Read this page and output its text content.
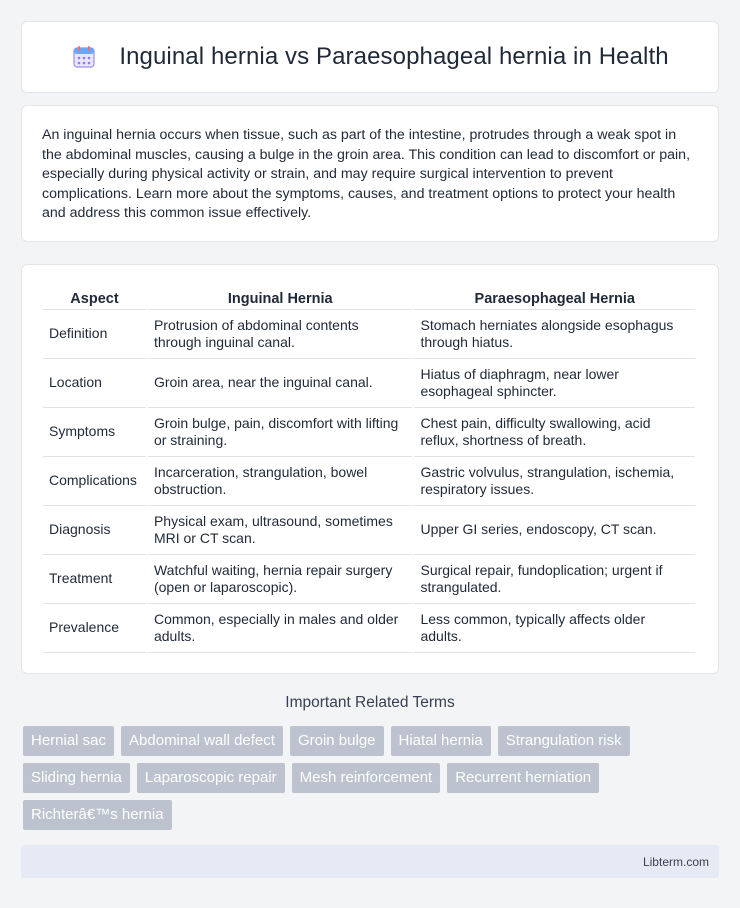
Inguinal hernia vs Paraesophageal hernia in Health

An inguinal hernia occurs when tissue, such as part of the intestine, protrudes through a weak spot in the abdominal muscles, causing a bulge in the groin area. This condition can lead to discomfort or pain, especially during physical activity or strain, and may require surgical intervention to prevent complications. Learn more about the symptoms, causes, and treatment options to protect your health and address this common issue effectively.

Aspect	Inguinal Hernia	Paraesophageal Hernia
Definition	Protrusion of abdominal contents through inguinal canal.	Stomach herniates alongside esophagus through hiatus.
Location	Groin area, near the inguinal canal.	Hiatus of diaphragm, near lower esophageal sphincter.
Symptoms	Groin bulge, pain, discomfort with lifting or straining.	Chest pain, difficulty swallowing, acid reflux, shortness of breath.
Complications	Incarceration, strangulation, bowel obstruction.	Gastric volvulus, strangulation, ischemia, respiratory issues.
Diagnosis	Physical exam, ultrasound, sometimes MRI or CT scan.	Upper GI series, endoscopy, CT scan.
Treatment	Watchful waiting, hernia repair surgery (open or laparoscopic).	Surgical repair, fundoplication; urgent if strangulated.
Prevalence	Common, especially in males and older adults.	Less common, typically affects older adults.
Important Related Terms
Hernial sac	Abdominal wall defect	Groin bulge	Hiatal hernia	Strangulation risk
Sliding hernia	Laparoscopic repair	Mesh reinforcement	Recurrent herniation
Richterâ€™s hernia
Libterm.com
